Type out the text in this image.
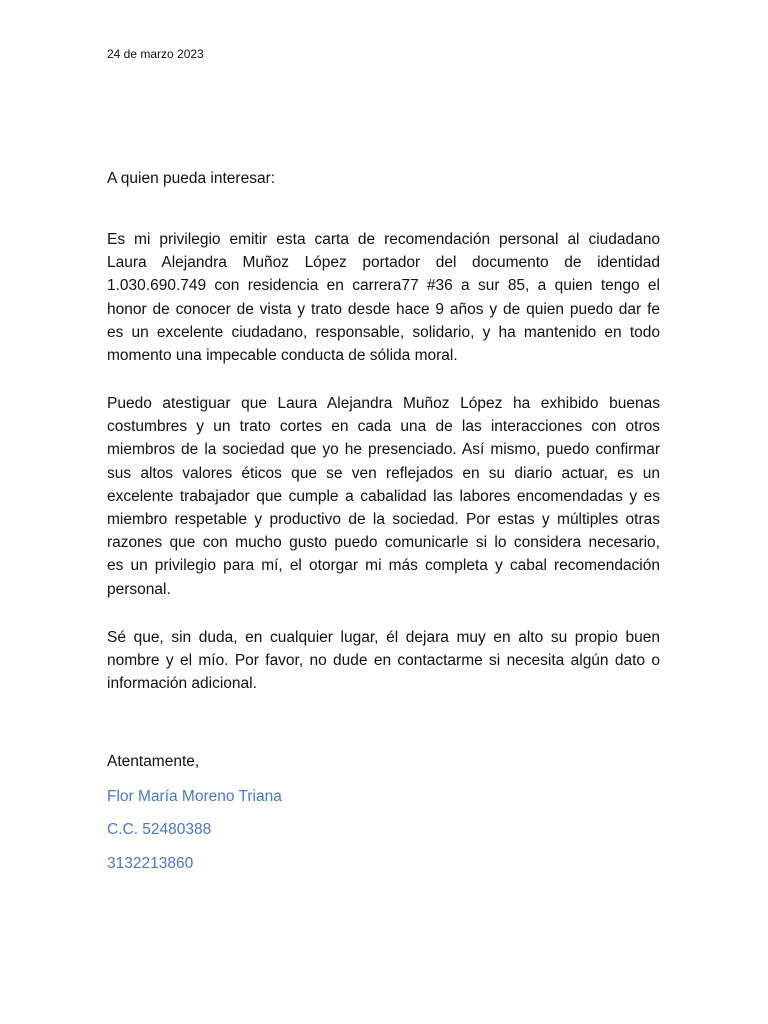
24 de marzo 2023
A quien pueda interesar:

Es mi privilegio emitir esta carta de recomendación personal al ciudadano
Laura Alejandra Muñoz López portador del documento de identidad
1.030.690.749 con residencia en carrera77 #36 a sur 85, a quien tengo el
honor de conocer de vista y trato desde hace 9 años y de quien puedo dar fe
es un excelente ciudadano, responsable, solidario, y ha mantenido en todo
momento una impecable conducta de sólida moral.

Puedo atestiguar que Laura Alejandra Muñoz López ha exhibido buenas
costumbres y un trato cortes en cada una de las interacciones con otros
miembros de la sociedad que yo he presenciado. Así mismo, puedo confirmar
sus altos valores éticos que se ven reflejados en su diario actuar, es un
excelente trabajador que cumple a cabalidad las labores encomendadas y es
miembro respetable y productivo de la sociedad. Por estas y múltiples otras
razones que con mucho gusto puedo comunicarle si lo considera necesario,
es un privilegio para mí, el otorgar mi más completa y cabal recomendación
personal.

Sé que, sin duda, en cualquier lugar, él dejara muy en alto su propio buen
nombre y el mío. Por favor, no dude en contactarme si necesita algún dato o
información adicional.

Atentamente,
Flor María Moreno Triana
C.C. 52480388
3132213860
